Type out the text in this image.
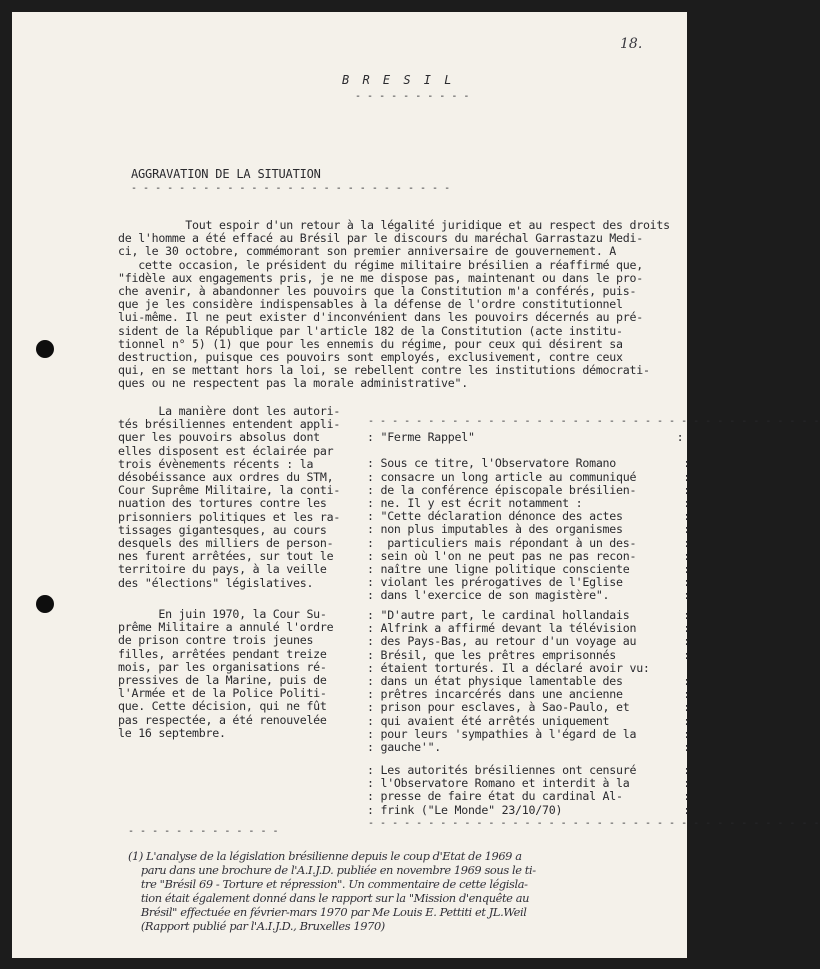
18.
B R E S I L
- - - - - - - - - -
AGGRAVATION DE LA SITUATION
- - - - - - - - - - - - - - - - - - - - - - - - - - -
Tout espoir d'un retour à la légalité juridique et au respect des droits
de l'homme a été effacé au Brésil par le discours du maréchal Garrastazu Medi-
ci, le 30 octobre, commémorant son premier anniversaire de gouvernement. A
cette occasion, le président du régime militaire brésilien a réaffirmé que,
"fidèle aux engagements pris, je ne me dispose pas, maintenant ou dans le pro-
che avenir, à abandonner les pouvoirs que la Constitution m'a conférés, puis-
que je les considère indispensables à la défense de l'ordre constitutionnel
lui-même. Il ne peut exister d'inconvénient dans les pouvoirs décernés au pré-
sident de la République par l'article 182 de la Constitution (acte institu-
tionnel n° 5) (1) que pour les ennemis du régime, pour ceux qui désirent sa
destruction, puisque ces pouvoirs sont employés, exclusivement, contre ceux
qui, en se mettant hors la loi, se rebellent contre les institutions démocrati-
ques ou ne respectent pas la morale administrative".
La manière dont les autori-
tés brésiliennes entendent appli-
quer les pouvoirs absolus dont
elles disposent est éclairée par
trois évènements récents : la
désobéissance aux ordres du STM,
Cour Suprême Militaire, la conti-
nuation des tortures contre les
prisonniers politiques et les ra-
tissages gigantesques, au cours
desquels des milliers de person-
nes furent arrêtées, sur tout le
territoire du pays, à la veille
des "élections" législatives.
En juin 1970, la Cour Su-
prême Militaire a annulé l'ordre
de prison contre trois jeunes
filles, arrêtées pendant treize
mois, par les organisations ré-
pressives de la Marine, puis de
l'Armée et de la Police Politi-
que. Cette décision, qui ne fût
pas respectée, a été renouvelée
le 16 septembre.
- - - - - - - - - - - - - - - - - - - - - - - - - - - - - - - - - - - - - -
: "Ferme Rappel"                              :

: Sous ce titre, l'Observatore Romano          :
: consacre un long article au communiqué       :
: de la conférence épiscopale brésilien-       :
: ne. Il y est écrit notamment :               :
: "Cette déclaration dénonce des actes         :
: non plus imputables à des organismes         :
:  particuliers mais répondant à un des-       :
: sein où l'on ne peut pas ne pas recon-       :
: naître une ligne politique consciente        :
: violant les prérogatives de l'Eglise         :
: dans l'exercice de son magistère".           :
: "D'autre part, le cardinal hollandais        :
: Alfrink a affirmé devant la télévision       :
: des Pays-Bas, au retour d'un voyage au       :
: Brésil, que les prêtres emprisonnés          :
: étaient torturés. Il a déclaré avoir vu:
: dans un état physique lamentable des         :
: prêtres incarcérés dans une ancienne         :
: prison pour esclaves, à Sao-Paulo, et        :
: qui avaient été arrêtés uniquement           :
: pour leurs 'sympathies à l'égard de la       :
: gauche'".                                    :
: Les autorités brésiliennes ont censuré       :
: l'Observatore Romano et interdit à la        :
: presse de faire état du cardinal Al-         :
: frink ("Le Monde" 23/10/70)                  :
- - - - - - - - - - - - - - - - - - - - - - - - - - - - - - - - - - - - - -
- - - - - - - - - - - - -
(1) L'analyse de la législation brésilienne depuis le coup d'Etat de 1969 a
paru dans une brochure de l'A.I.J.D. publiée en novembre 1969 sous le ti-
tre "Brésil 69 - Torture et répression". Un commentaire de cette législa-
tion était également donné dans le rapport sur la "Mission d'enquête au
Brésil" effectuée en février-mars 1970 par Me Louis E. Pettiti et JL.Weil
(Rapport publié par l'A.I.J.D., Bruxelles 1970)
